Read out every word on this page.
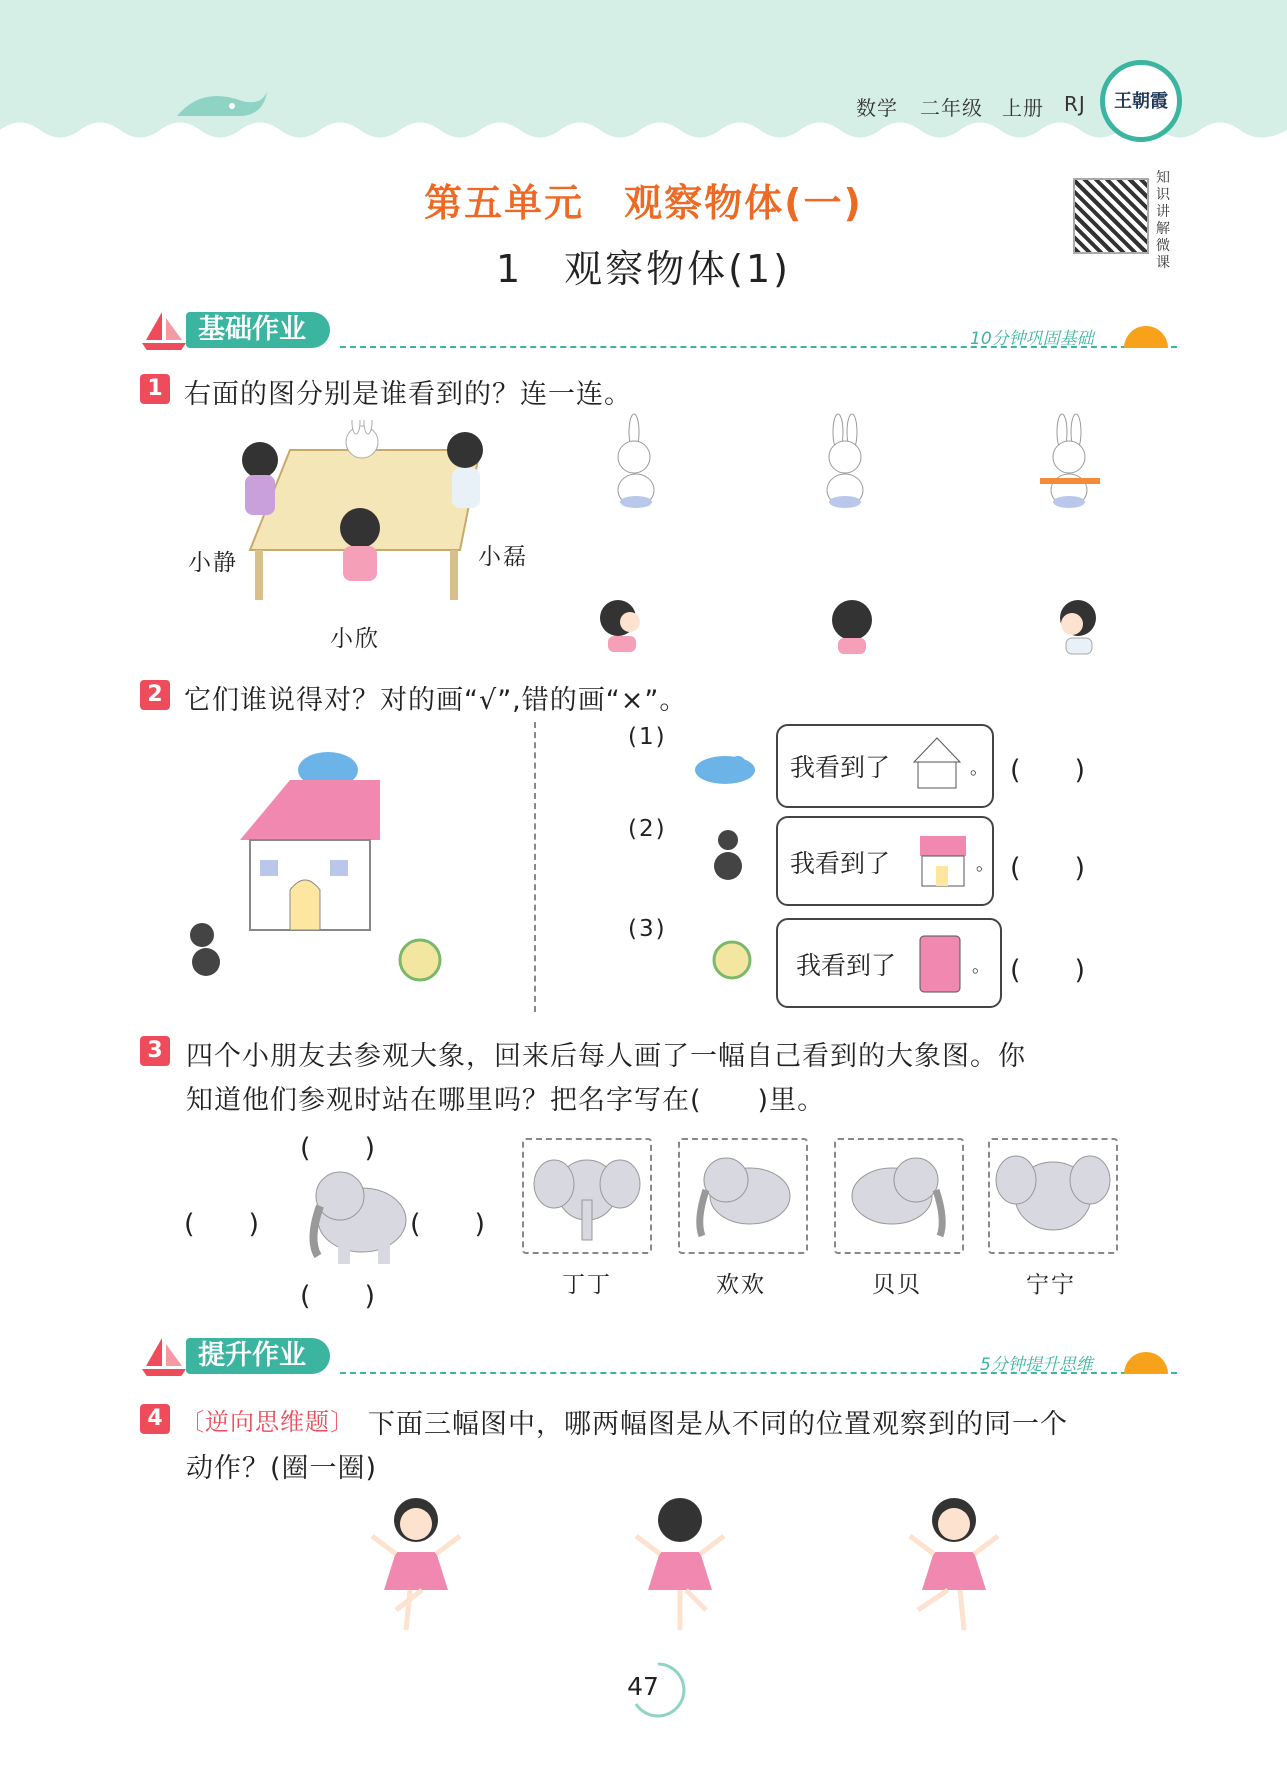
数学 二年级 上册 RJ	王朝霞
第五单元　观察物体(一)
1　观察物体(1)
知识讲解微课
基础作业	10分钟巩固基础
1 右面的图分别是谁看到的？连一连。
小静	小磊
小欣
2 它们谁说得对？对的画“√”,错的画“×”。
(1)
我看到了	。 (　　)
(2)
我看到了	。 (　　)
(3)
我看到了	。 (　　)
3 四个小朋友去参观大象，回来后每人画了一幅自己看到的大象图。你
知道他们参观时站在哪里吗？把名字写在(　　)里。
(　　)
(　　)	(　　)
(　　)	丁丁	欢欢	贝贝	宁宁
提升作业	5分钟提升思维
4 〔逆向思维题〕 下面三幅图中，哪两幅图是从不同的位置观察到的同一个
动作？(圈一圈)
47
